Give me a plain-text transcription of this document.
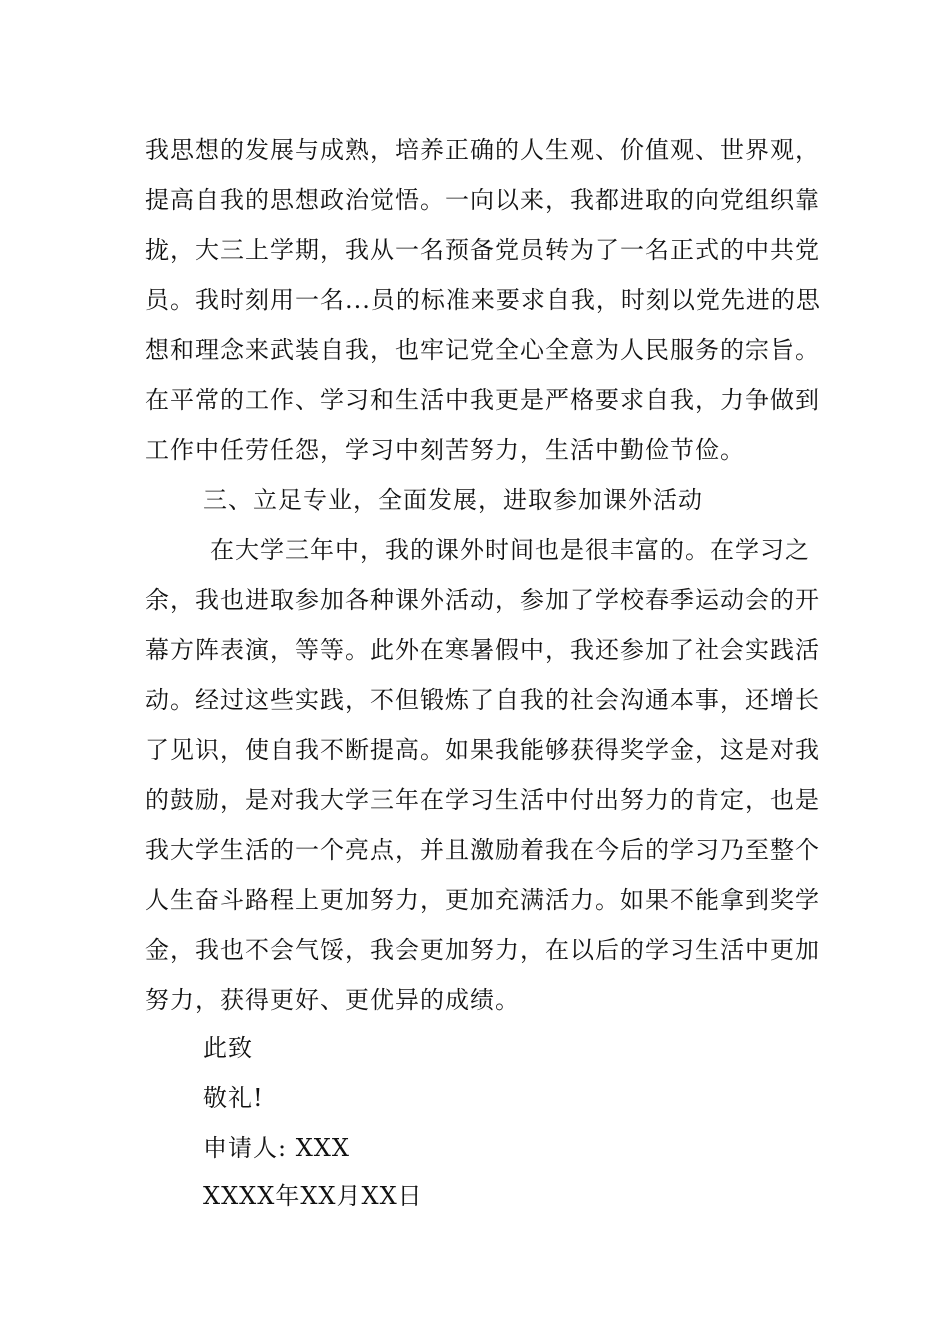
我思想的发展与成熟，培养正确的人生观、价值观、世界观，
提高自我的思想政治觉悟。一向以来，我都进取的向党组织靠
拢，大三上学期，我从一名预备党员转为了一名正式的中共党
员。我时刻用一名...员的标准来要求自我，时刻以党先进的思
想和理念来武装自我，也牢记党全心全意为人民服务的宗旨。
在平常的工作、学习和生活中我更是严格要求自我，力争做到
工作中任劳任怨，学习中刻苦努力，生活中勤俭节俭。
三、立足专业，全面发展，进取参加课外活动
在大学三年中，我的课外时间也是很丰富的。在学习之
余，我也进取参加各种课外活动，参加了学校春季运动会的开
幕方阵表演，等等。此外在寒暑假中，我还参加了社会实践活
动。经过这些实践，不但锻炼了自我的社会沟通本事，还增长
了见识，使自我不断提高。如果我能够获得奖学金，这是对我
的鼓励，是对我大学三年在学习生活中付出努力的肯定，也是
我大学生活的一个亮点，并且激励着我在今后的学习乃至整个
人生奋斗路程上更加努力，更加充满活力。如果不能拿到奖学
金，我也不会气馁，我会更加努力，在以后的学习生活中更加
努力，获得更好、更优异的成绩。
此致
敬礼!
申请人: XXX
XXXX年XX月XX日
